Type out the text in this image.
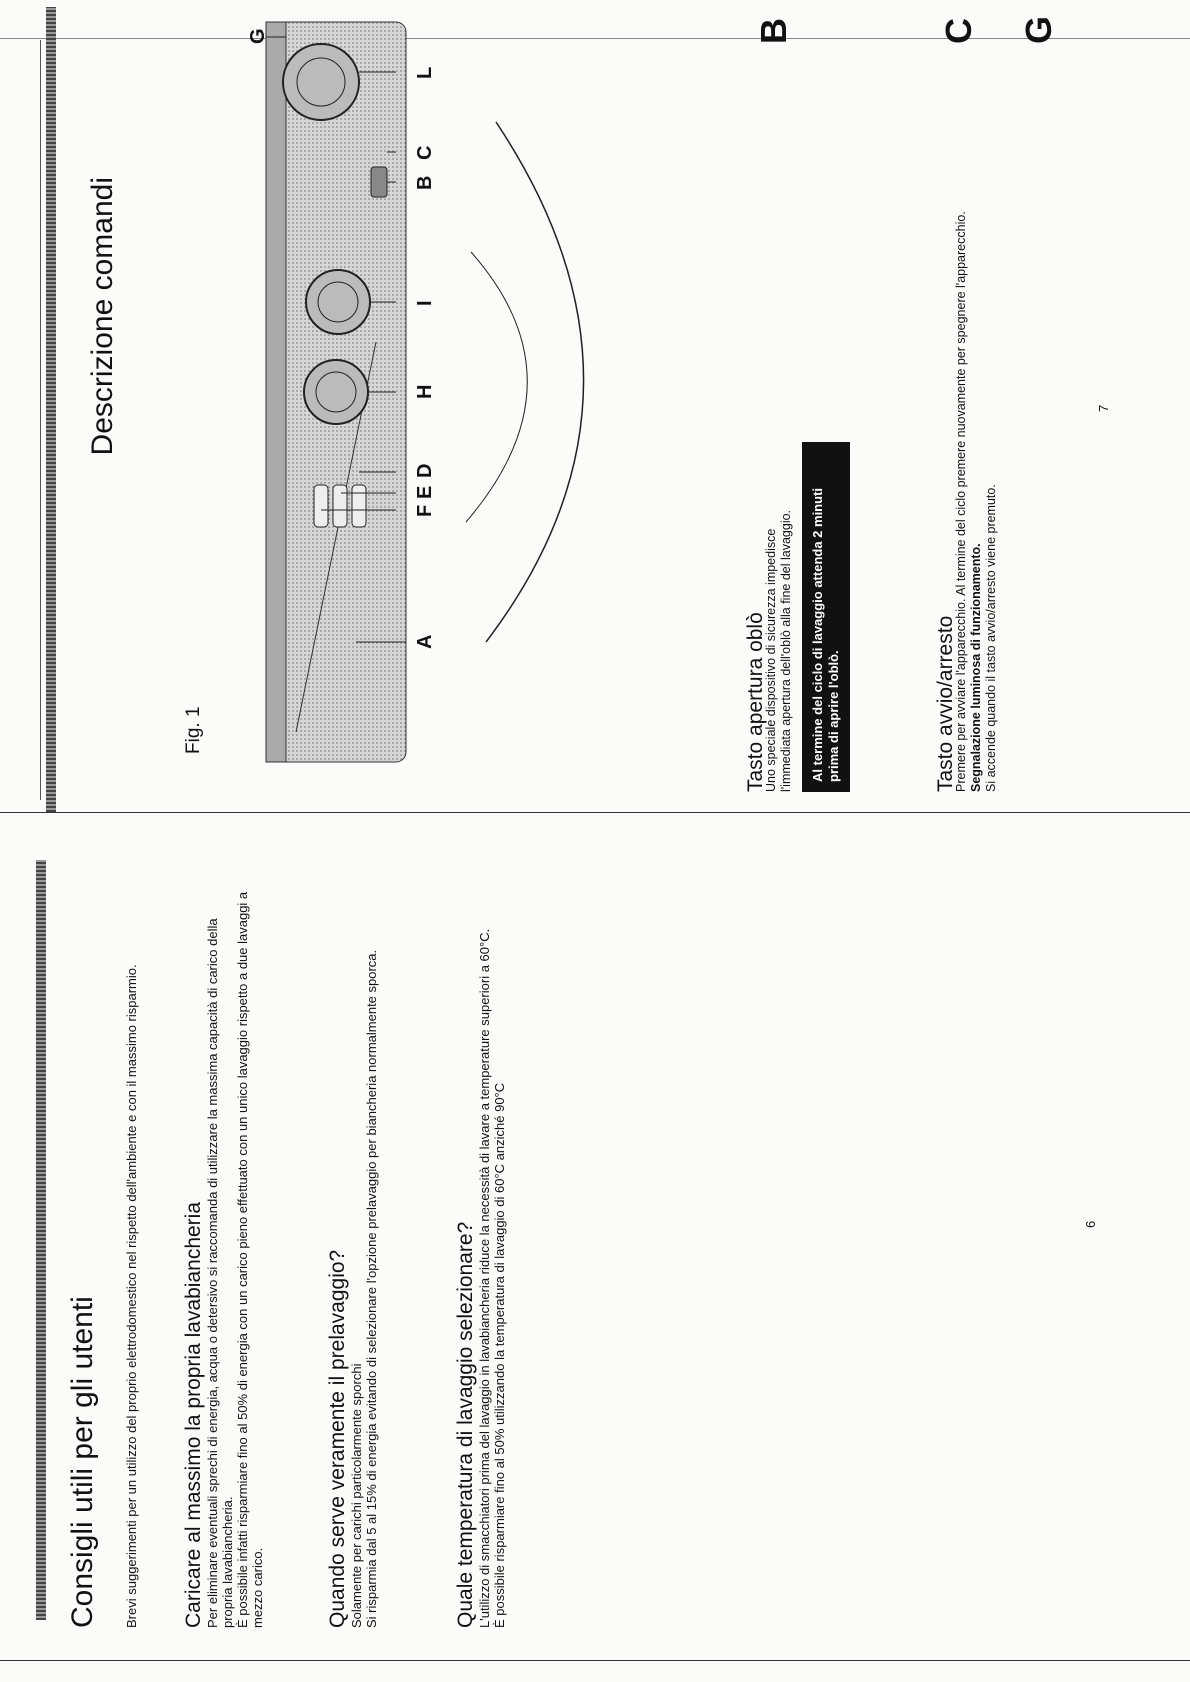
Descrizione comandi
Fig. 1
A
F
E
D
H
I
B
C
L
G
Tasto apertura oblò

Uno speciale dispositivo di sicurezza impedisce l'immediata apertura dell'oblò alla fine del lavaggio.	Al termine del ciclo di lavaggio attenda 2 minuti prima di aprire l'oblò.
B
Tasto avvio/arresto

Premere per avviare l'apparecchio. Al termine del ciclo premere nuovamente per spegnere l'apparecchio. Segnalazione luminosa di funzionamento. Si accende quando il tasto avvio/arresto viene premuto.

C G
7
Consigli utili per gli utenti Brevi suggerimenti per un utilizzo del proprio elettrodomestico nel rispetto dell'ambiente e con il massimo risparmio. Caricare al massimo la propria lavabiancheria Per eliminare eventuali sprechi di energia, acqua o detersivo si raccomanda di utilizzare la massima capacità di carico della propria lavabiancheria. È possibile infatti risparmiare fino al 50% di energia con un carico pieno effettuato con un unico lavaggio rispetto a due lavaggi a mezzo carico.	Quando serve veramente il prelavaggio? Solamente per carichi particolarmente sporchi Si risparmia dal 5 al 15% di energia evitando di selezionare l'opzione prelavaggio per biancheria normalmente sporca.	Quale temperatura di lavaggio selezionare? L'utilizzo di smacchiatori prima del lavaggio in lavabiancheria riduce la necessità di lavare a temperature superiori a 60°C. È possibile risparmiare fino al 50% utilizzando la temperatura di lavaggio di 60°C anziché 90°C	6
